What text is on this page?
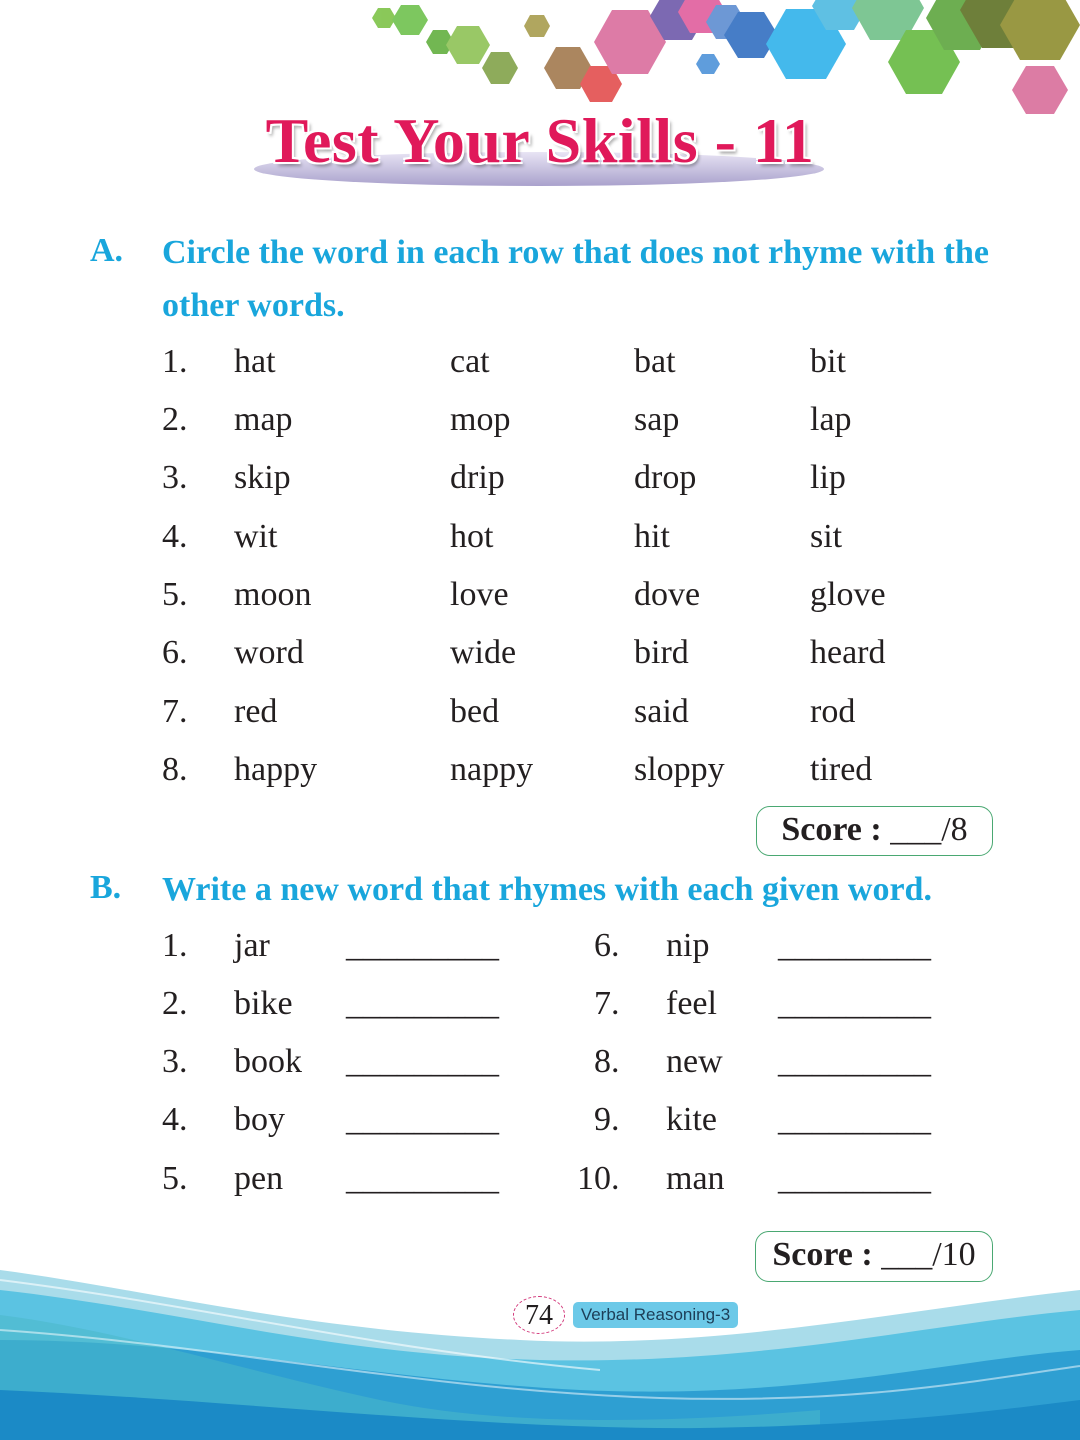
Test Your Skills - 11
A. Circle the word in each row that does not rhyme with the
other words.
1. hat	cat	bat	bit
2. map	mop	sap	lap
3. skip	drip	drop	lip
4. wit	hot	hit	sit
5. moon	love	dove	glove
6. word	wide	bird	heard
7. red	bed	said	rod
8. happy	nappy	sloppy	tired
Score : ___/8
B. Write a new word that rhymes with each given word.
1. jar _________
2. bike _________
3. book _________
4. boy _________
5. pen _________
6. nip _________
7. feel _________
8. new _________
9. kite _________
10. man _________
Score : ___/10
74	Verbal Reasoning-3
